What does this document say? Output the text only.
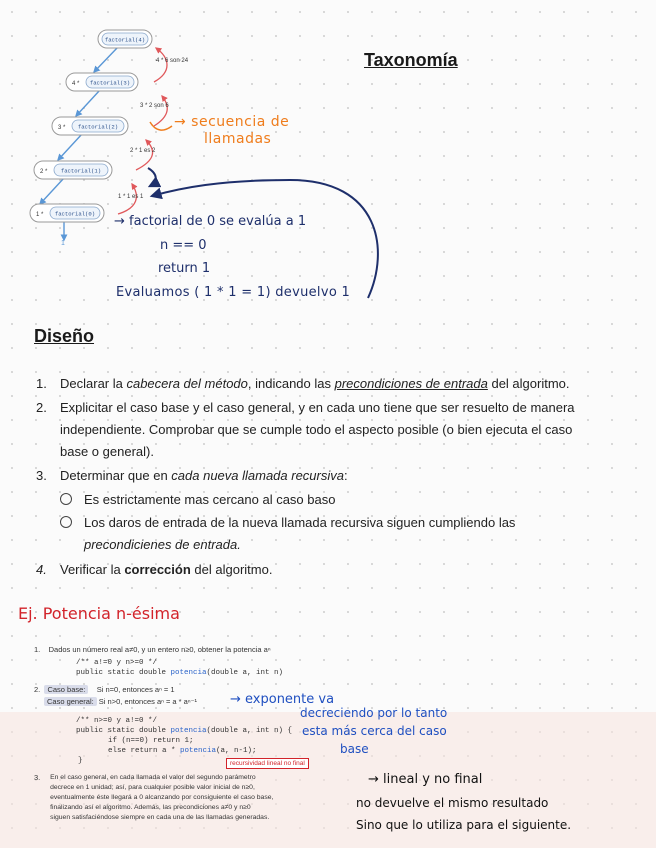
factorial(4)
4 * factorial(3)
3 * factorial(2)
2 * factorial(1)
1 * factorial(0)
4 * 6 son 24
3 * 2 son 6
2 * 1 es 2
1 * 1 es 1
1
Taxonomía
→ secuencia de
llamadas
→ factorial de 0 se evalúa a 1
n == 0
return 1
Evaluamos ( 1 * 1 = 1) devuelvo 1
Diseño
1. Declarar la cabecera del método, indicando las precondiciones de entrada del algoritmo.
2. Explicitar el caso base y el caso general, y en cada uno tiene que ser resuelto de manera
independiente. Comprobar que se cumple todo el aspecto posible (o bien ejecuta el caso
base o general).
3. Determinar que en cada nueva llamada recursiva:
Es estrictamente mas cercano al caso baso
Los daros de entrada de la nueva llamada recursiva siguen cumpliendo las
precondicienes de entrada.
4. Verificar la corrección del algoritmo.
Ej. Potencia n-ésima
1. Dados un número real a≠0, y un entero n≥0, obtener la potencia aⁿ
/** a!=0 y n>=0 */
public static double potencia(double a, int n)
2. Caso base: Si n=0, entonces aⁿ = 1
Caso general: Si n>0, entonces aⁿ = a * aⁿ⁻¹
/** n>=0 y a!=0 */
public static double potencia(double a, int n) {
if (n==0) return 1;
else return a * potencia(a, n-1);
}	recursividad lineal no final
3. En el caso general, en cada llamada el valor del segundo parámetro
decrece en 1 unidad; así, para cualquier posible valor inicial de n≥0,
eventualmente éste llegará a 0 alcanzando por consiguiente el caso base,
finalizando así el algoritmo. Además, las precondiciones a≠0 y n≥0
siguen satisfaciéndose siempre en cada una de las llamadas generadas.
→ exponente va
decreciendo por lo tanto
esta más cerca del caso
base
→ lineal y no final
no devuelve el mismo resultado
Sino que lo utiliza para el siguiente.
